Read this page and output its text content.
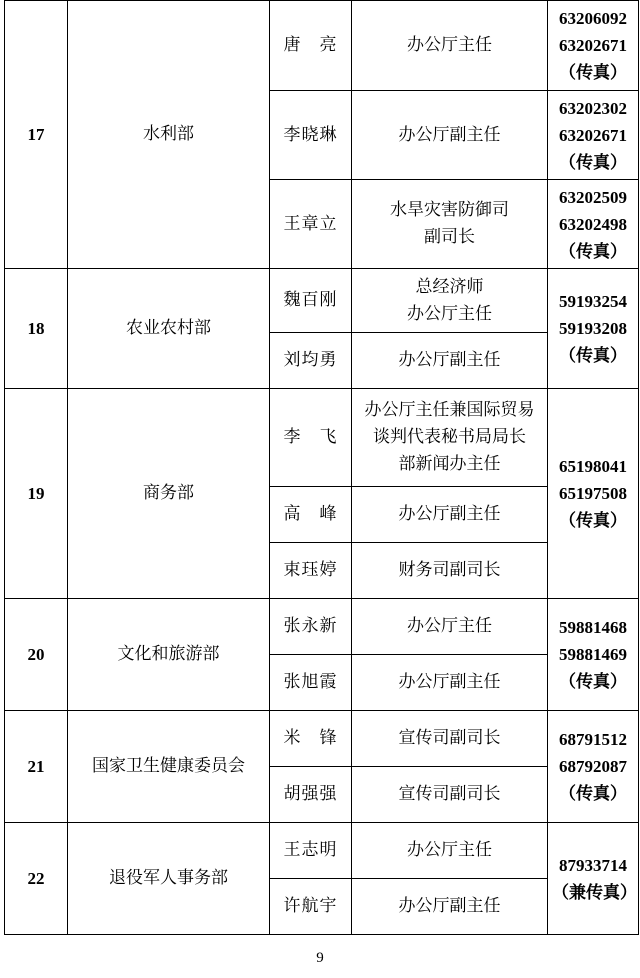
17	水利部	唐　亮	办公厅主任	63206092
63202671
（传真）

		李晓琳	办公厅副主任	63202302
63202671
（传真）

		王章立	水旱灾害防御司
副司长	63202509
63202498
（传真）

18	农业农村部	魏百刚	总经济师
办公厅主任	59193254
59193208
（传真）

		刘均勇	办公厅副主任	

19	商务部	李　飞	办公厅主任兼国际贸易
谈判代表秘书局局长
部新闻办主任	65198041
65197508
（传真）

		高　峰	办公厅副主任	

		束珏婷	财务司副司长	

20	文化和旅游部	张永新	办公厅主任	59881468
59881469
（传真）

		张旭霞	办公厅副主任	

21	国家卫生健康委员会	米　锋	宣传司副司长	68791512
68792087
（传真）

		胡强强	宣传司副司长	

22	退役军人事务部	王志明	办公厅主任	87933714
（兼传真）

		许航宇	办公厅副主任	
9
